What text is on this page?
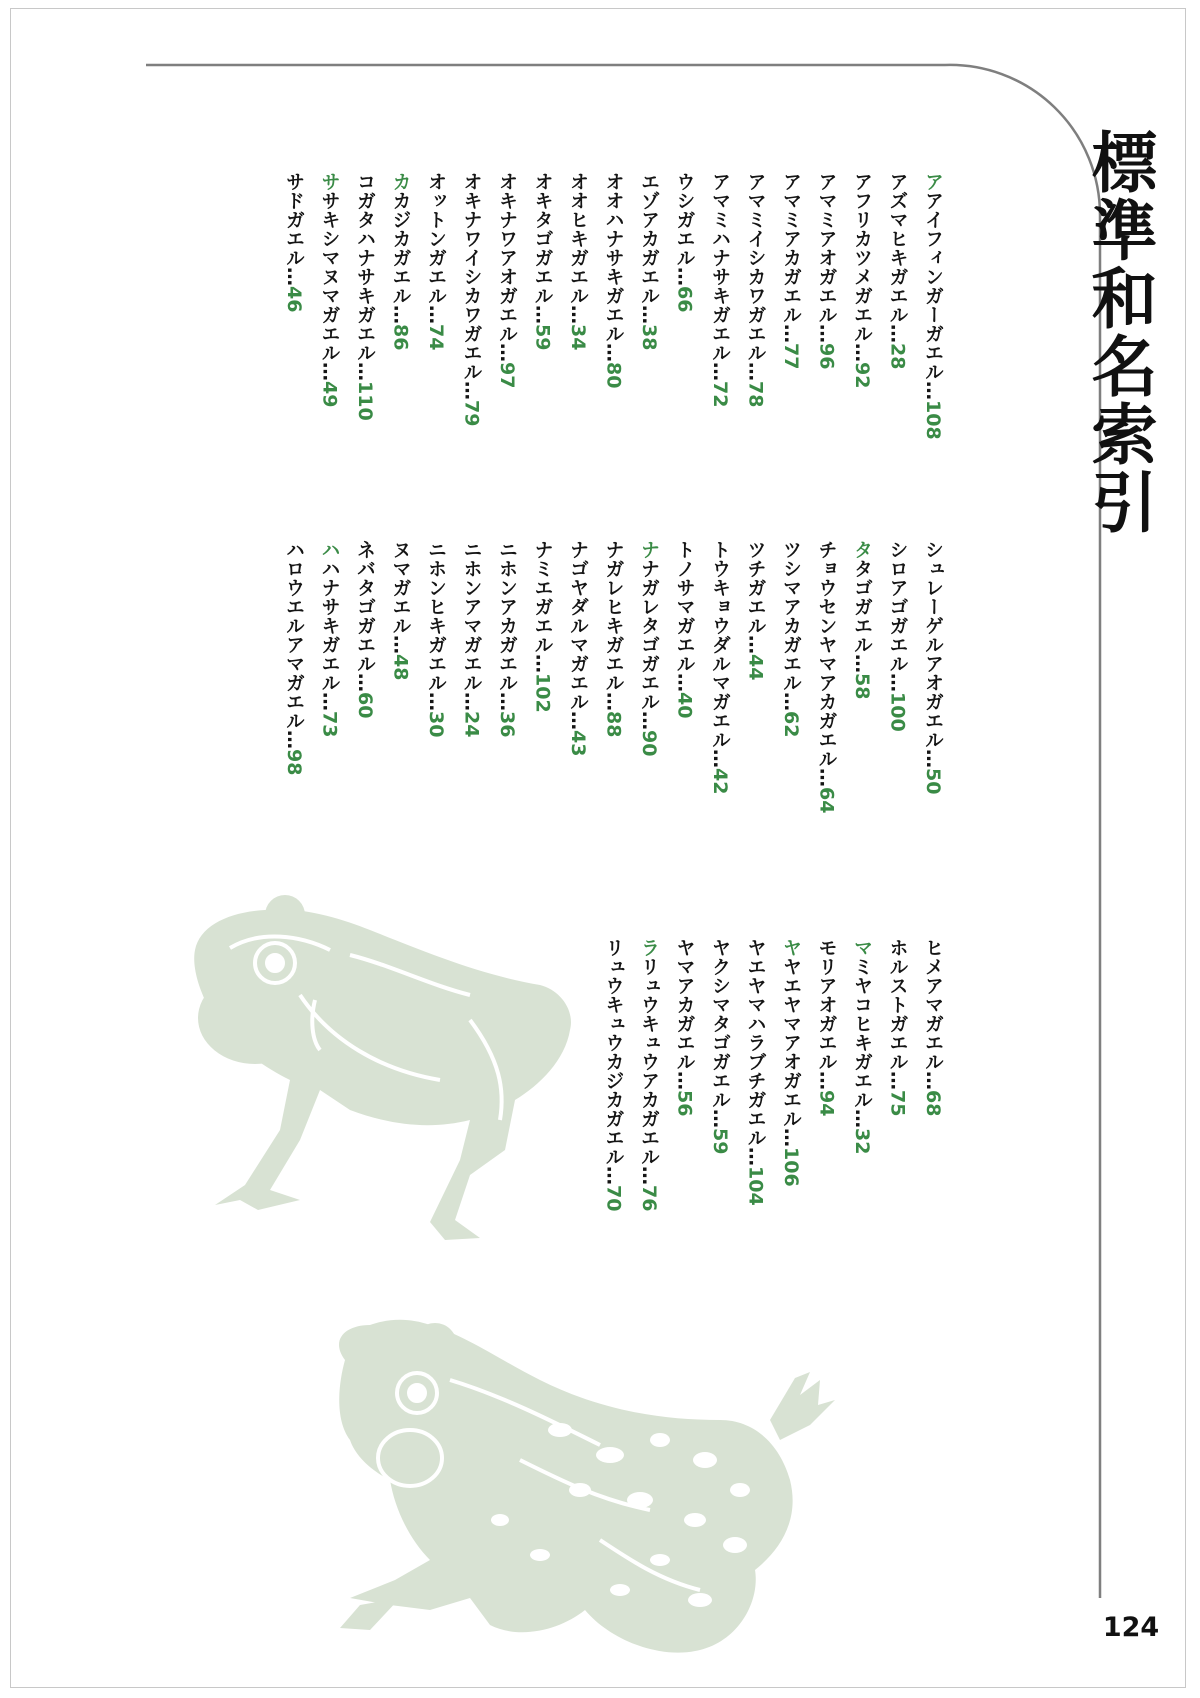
標準和名索引
アアイフィンガーガエル…108
アズマヒキガエル…28
アフリカツメガエル…92
アマミアオガエル…96
アマミアカガエル…77
アマミイシカワガエル…78
アマミハナサキガエル…72
ウシガエル…66
エゾアカガエル…38
オオハナサキガエル…80
オオヒキガエル…34
オキタゴガエル…59
オキナワアオガエル…97
オキナワイシカワガエル…79
オットンガエル…74
カカジカガエル…86
コガタハナサキガエル…110
ササキシマヌマガエル…49
サドガエル…46
シュレーゲルアオガエル…50
シロアゴガエル…100
タタゴガエル…58
チョウセンヤマアカガエル…64
ツシマアカガエル…62
ツチガエル…44
トウキョウダルマガエル…42
トノサマガエル…40
ナナガレタゴガエル…90
ナガレヒキガエル…88
ナゴヤダルマガエル…43
ナミエガエル…102
ニホンアカガエル…36
ニホンアマガエル…24
ニホンヒキガエル…30
ヌマガエル…48
ネバタゴガエル…60
ハハナサキガエル…73
ハロウエルアマガエル…98
ヒメアマガエル…68
ホルストガエル…75
マミヤコヒキガエル…32
モリアオガエル…94
ヤヤエヤマアオガエル…106
ヤエヤマハラブチガエル…104
ヤクシマタゴガエル…59
ヤマアカガエル…56
ラリュウキュウアカガエル…76
リュウキュウカジカガエル…70
124
